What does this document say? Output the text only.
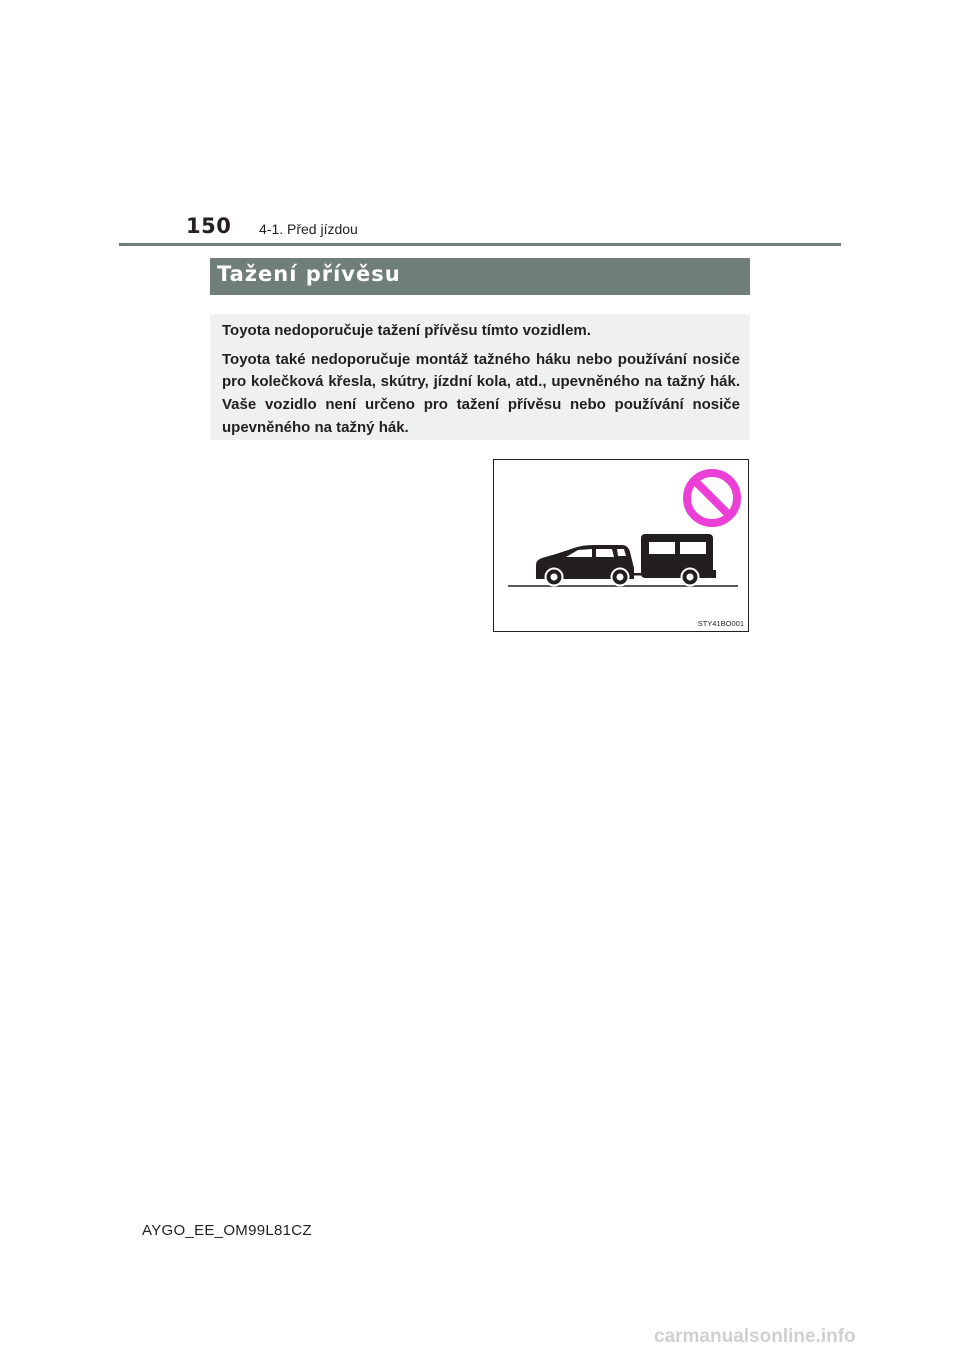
150 4-1. Před jízdou
Tažení přívěsu

Toyota nedoporučuje tažení přívěsu tímto vozidlem.

Toyota také nedoporučuje montáž tažného háku nebo používání nosiče pro kolečková křesla, skútry, jízdní kola, atd., upevněného na tažný hák. Vaše vozidlo není určeno pro tažení přívěsu nebo používání nosiče upevněného na tažný hák.

STY41BO001
AYGO_EE_OM99L81CZ
carmanualsonline.info
